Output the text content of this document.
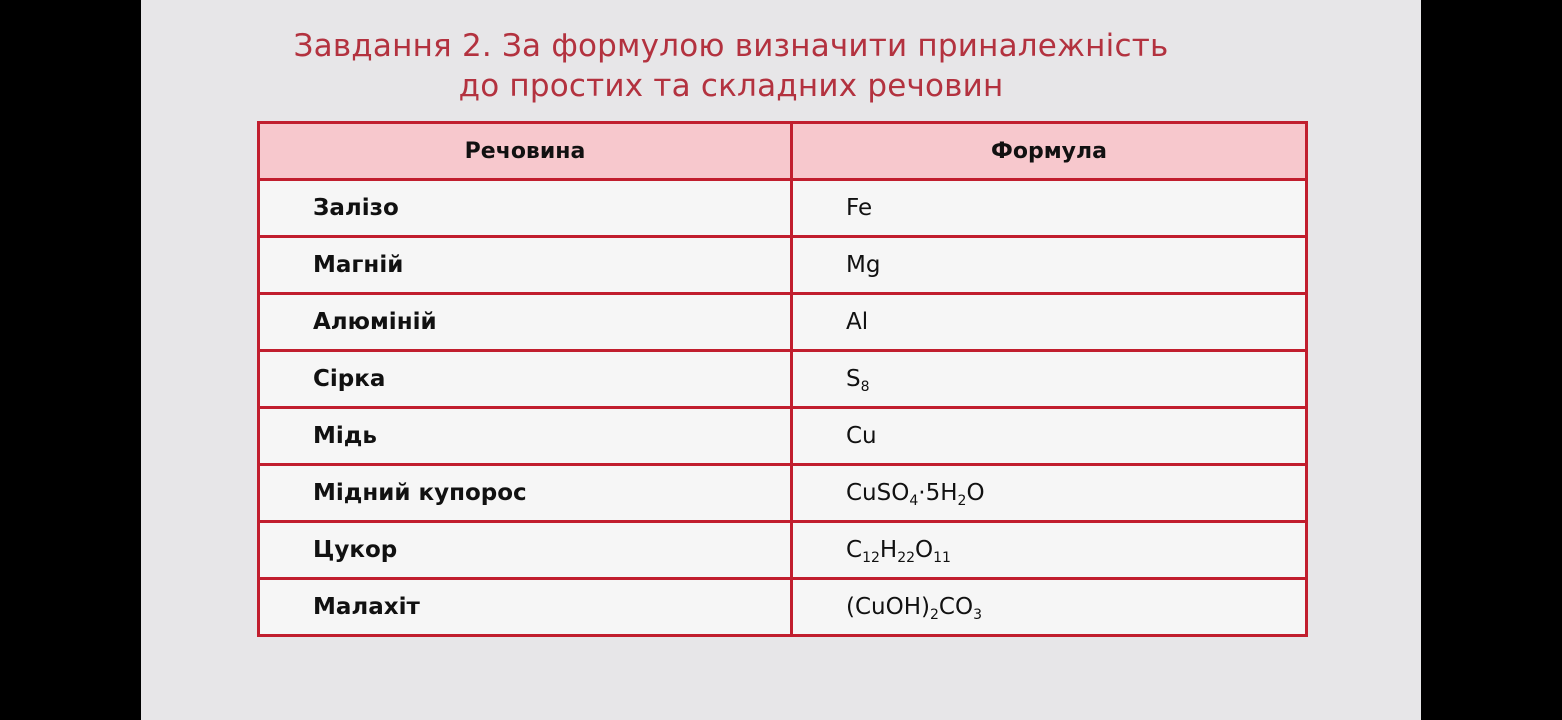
Завдання 2. За формулою визначити приналежність
до простих та складних речовин
Речовина	Формула
Залізо	Fe
Магній	Mg
Алюміній	Al
Сірка	$S_8$
Мідь	Cu
Мідний купорос	$CuSO_4\cdot 5H_2O$
Цукор	$C_{12}H_{22}O_{11}$
Малахіт	$(CuOH)_2CO_3$
